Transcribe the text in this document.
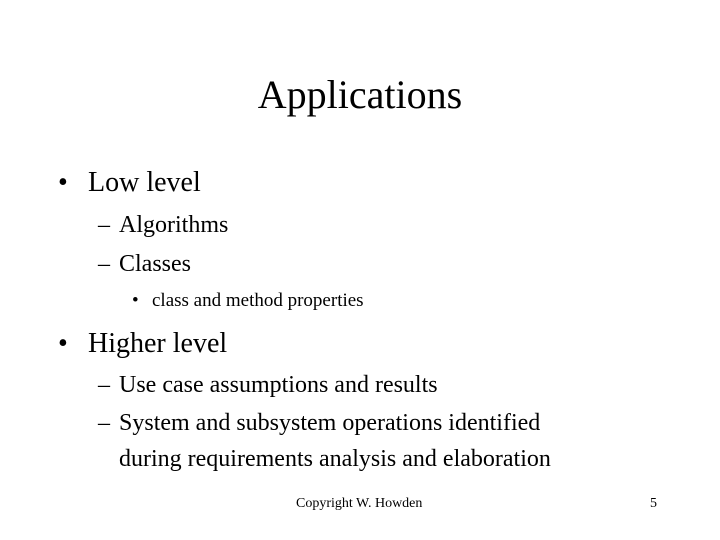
Applications
• Low level
– Algorithms
– Classes
• class and method properties
• Higher level
– Use case assumptions and results
– System and subsystem operations identified
during requirements analysis and elaboration
Copyright W. Howden	5
